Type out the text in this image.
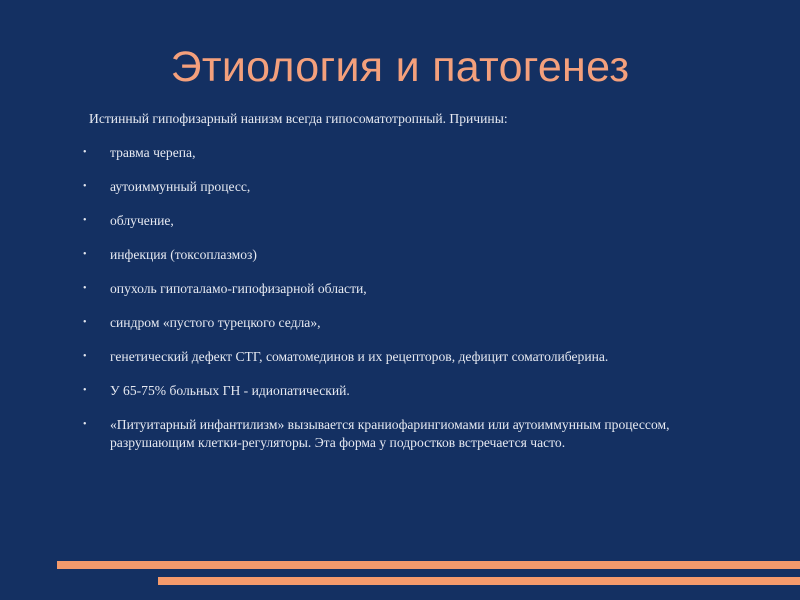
Этиология и патогенез
Истинный гипофизарный нанизм всегда гипосоматотропный. Причины:
• травма черепа,
• аутоиммунный процесс,
• облучение,
• инфекция (токсоплазмоз)
• опухоль гипоталамо-гипофизарной области,
• синдром «пустого турецкого седла»,
• генетический дефект СТГ, соматомединов и их рецепторов, дефицит соматолиберина.
• У 65-75% больных ГН - идиопатический.
• «Питуитарный инфантилизм» вызывается краниофарингиомами или аутоиммунным процессом, разрушающим клетки-регуляторы. Эта форма у подростков встречается часто.
